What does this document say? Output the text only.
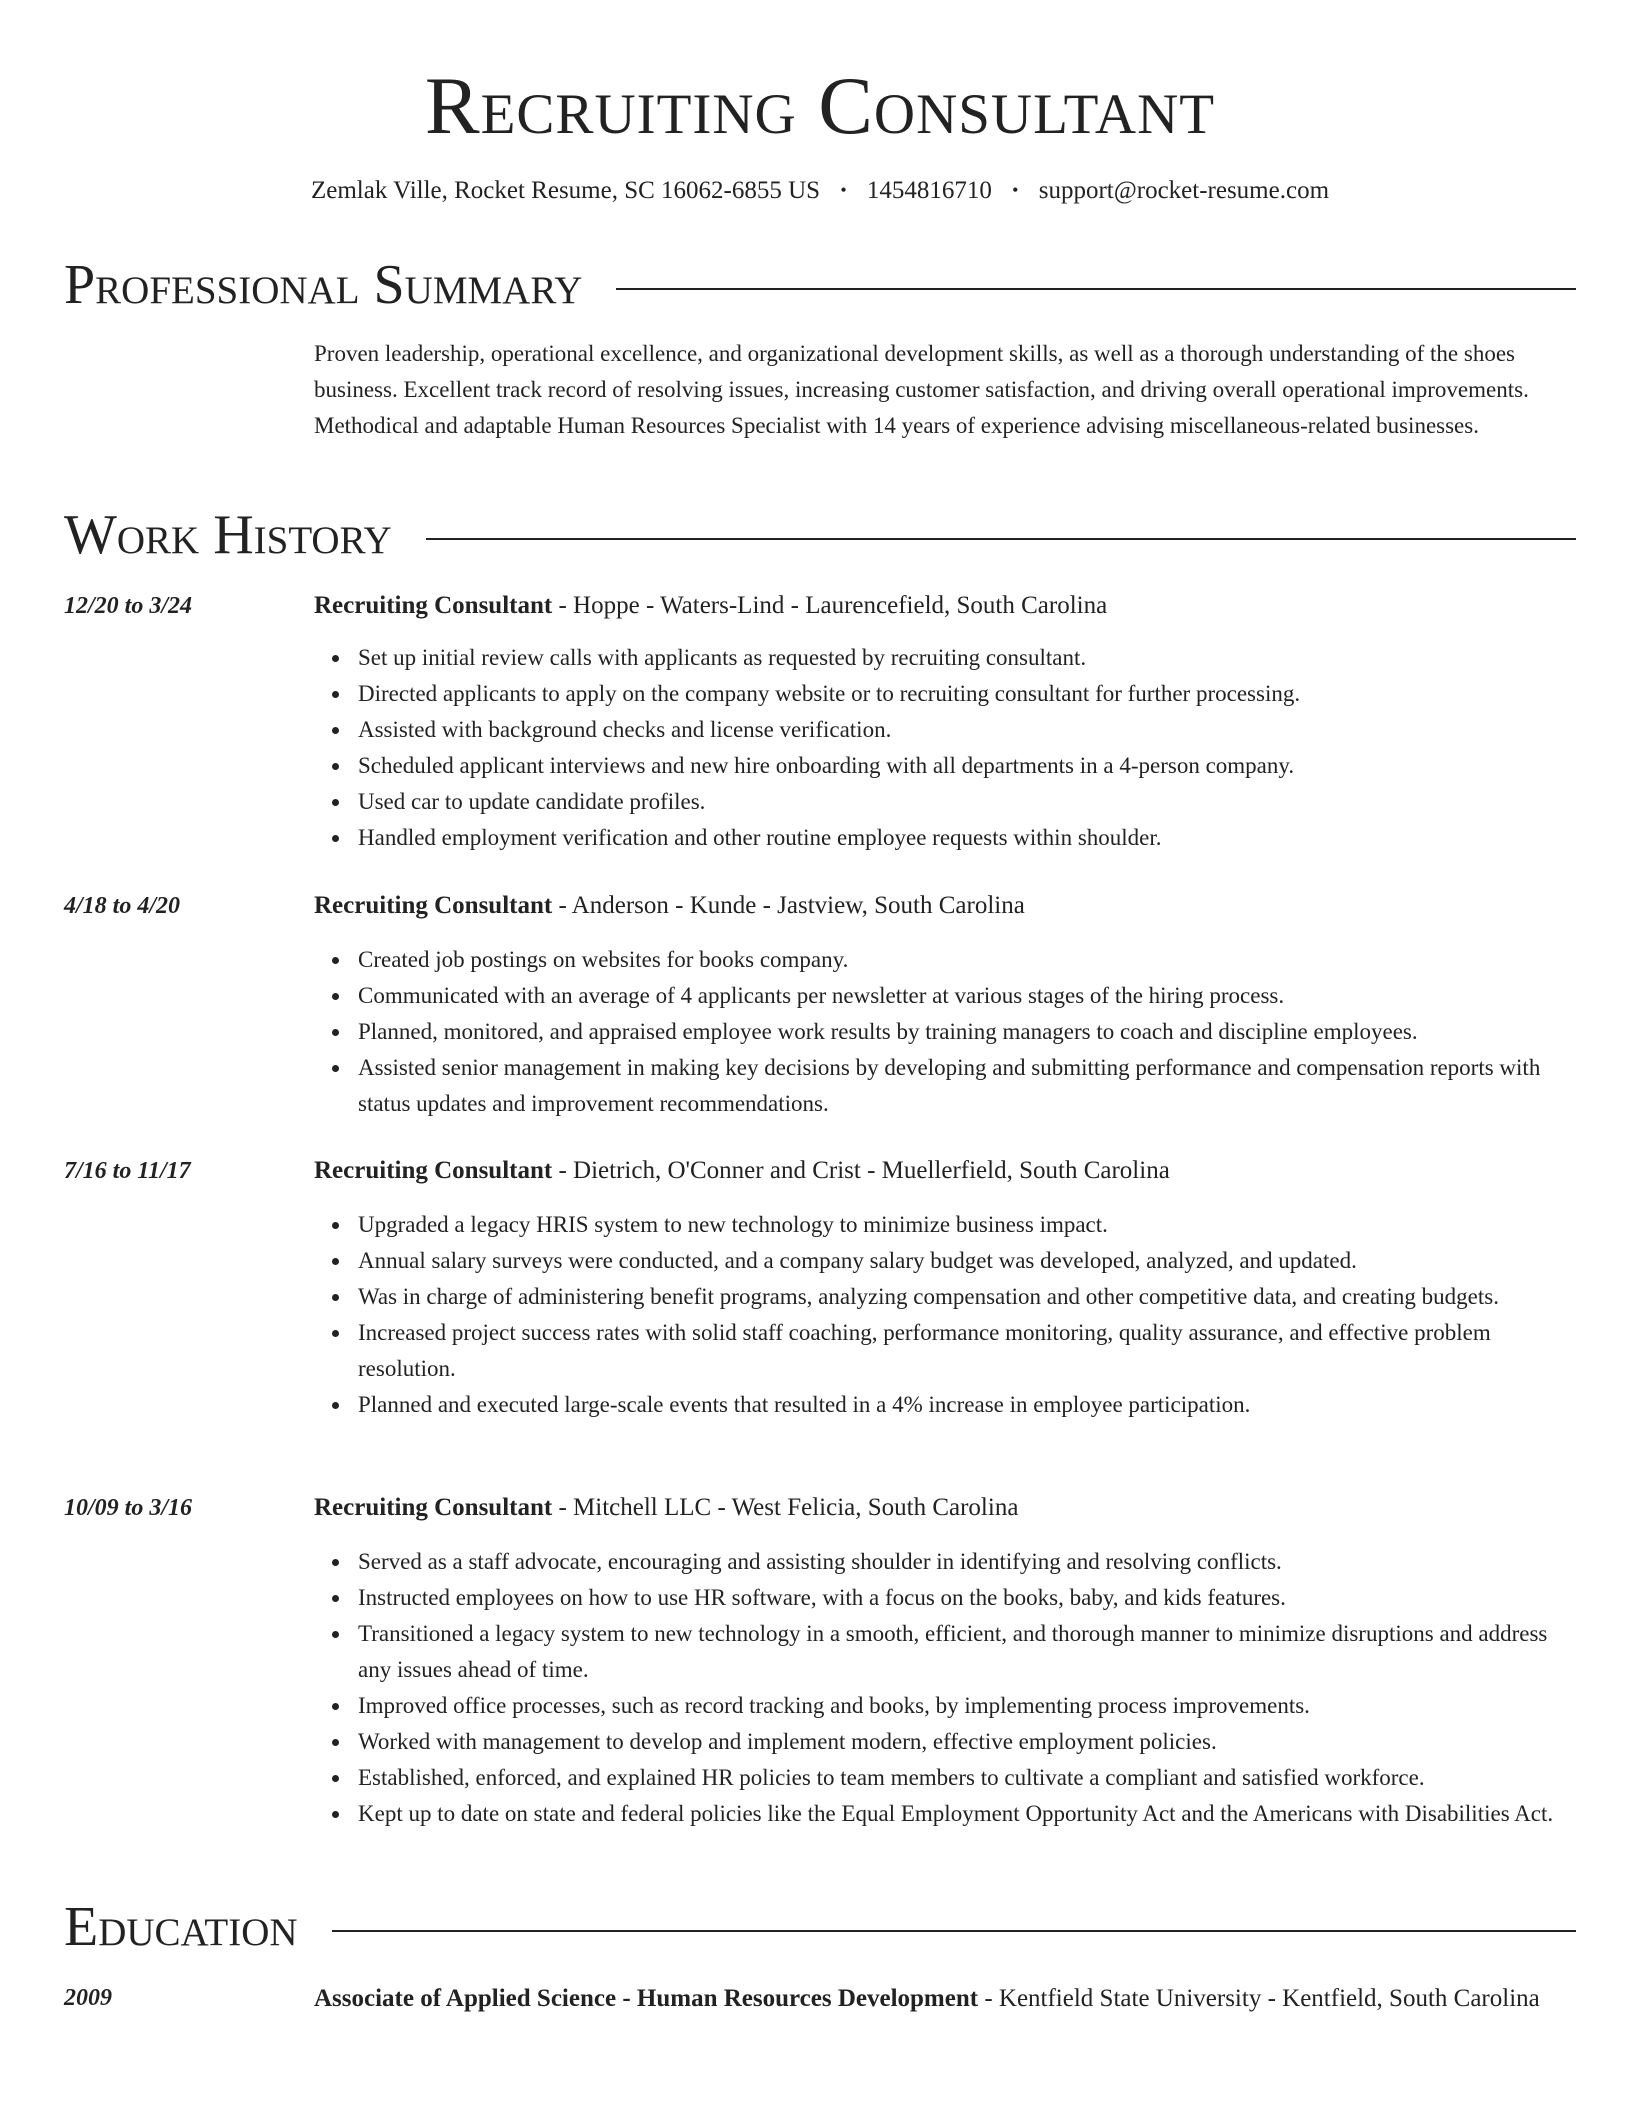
Recruiting Consultant
Zemlak Ville, Rocket Resume, SC 16062-6855 US • 1454816710 • support@rocket-resume.com
Professional Summary
Proven leadership, operational excellence, and organizational development skills, as well as a thorough understanding of the shoes business. Excellent track record of resolving issues, increasing customer satisfaction, and driving overall operational improvements. Methodical and adaptable Human Resources Specialist with 14 years of experience advising miscellaneous-related businesses.
Work History
12/20 to 3/24	Recruiting Consultant - Hoppe - Waters-Lind - Laurencefield, South Carolina
Set up initial review calls with applicants as requested by recruiting consultant.
Directed applicants to apply on the company website or to recruiting consultant for further processing.
Assisted with background checks and license verification.
Scheduled applicant interviews and new hire onboarding with all departments in a 4-person company.
Used car to update candidate profiles.
Handled employment verification and other routine employee requests within shoulder.
4/18 to 4/20	Recruiting Consultant - Anderson - Kunde - Jastview, South Carolina
Created job postings on websites for books company.
Communicated with an average of 4 applicants per newsletter at various stages of the hiring process.
Planned, monitored, and appraised employee work results by training managers to coach and discipline employees.
Assisted senior management in making key decisions by developing and submitting performance and compensation reports with status updates and improvement recommendations.
7/16 to 11/17	Recruiting Consultant - Dietrich, O'Conner and Crist - Muellerfield, South Carolina
Upgraded a legacy HRIS system to new technology to minimize business impact.
Annual salary surveys were conducted, and a company salary budget was developed, analyzed, and updated.
Was in charge of administering benefit programs, analyzing compensation and other competitive data, and creating budgets.
Increased project success rates with solid staff coaching, performance monitoring, quality assurance, and effective problem resolution.
Planned and executed large-scale events that resulted in a 4% increase in employee participation.
10/09 to 3/16	Recruiting Consultant - Mitchell LLC - West Felicia, South Carolina
Served as a staff advocate, encouraging and assisting shoulder in identifying and resolving conflicts.
Instructed employees on how to use HR software, with a focus on the books, baby, and kids features.
Transitioned a legacy system to new technology in a smooth, efficient, and thorough manner to minimize disruptions and address any issues ahead of time.
Improved office processes, such as record tracking and books, by implementing process improvements.
Worked with management to develop and implement modern, effective employment policies.
Established, enforced, and explained HR policies to team members to cultivate a compliant and satisfied workforce.
Kept up to date on state and federal policies like the Equal Employment Opportunity Act and the Americans with Disabilities Act.
Education
2009	Associate of Applied Science - Human Resources Development - Kentfield State University - Kentfield, South Carolina
